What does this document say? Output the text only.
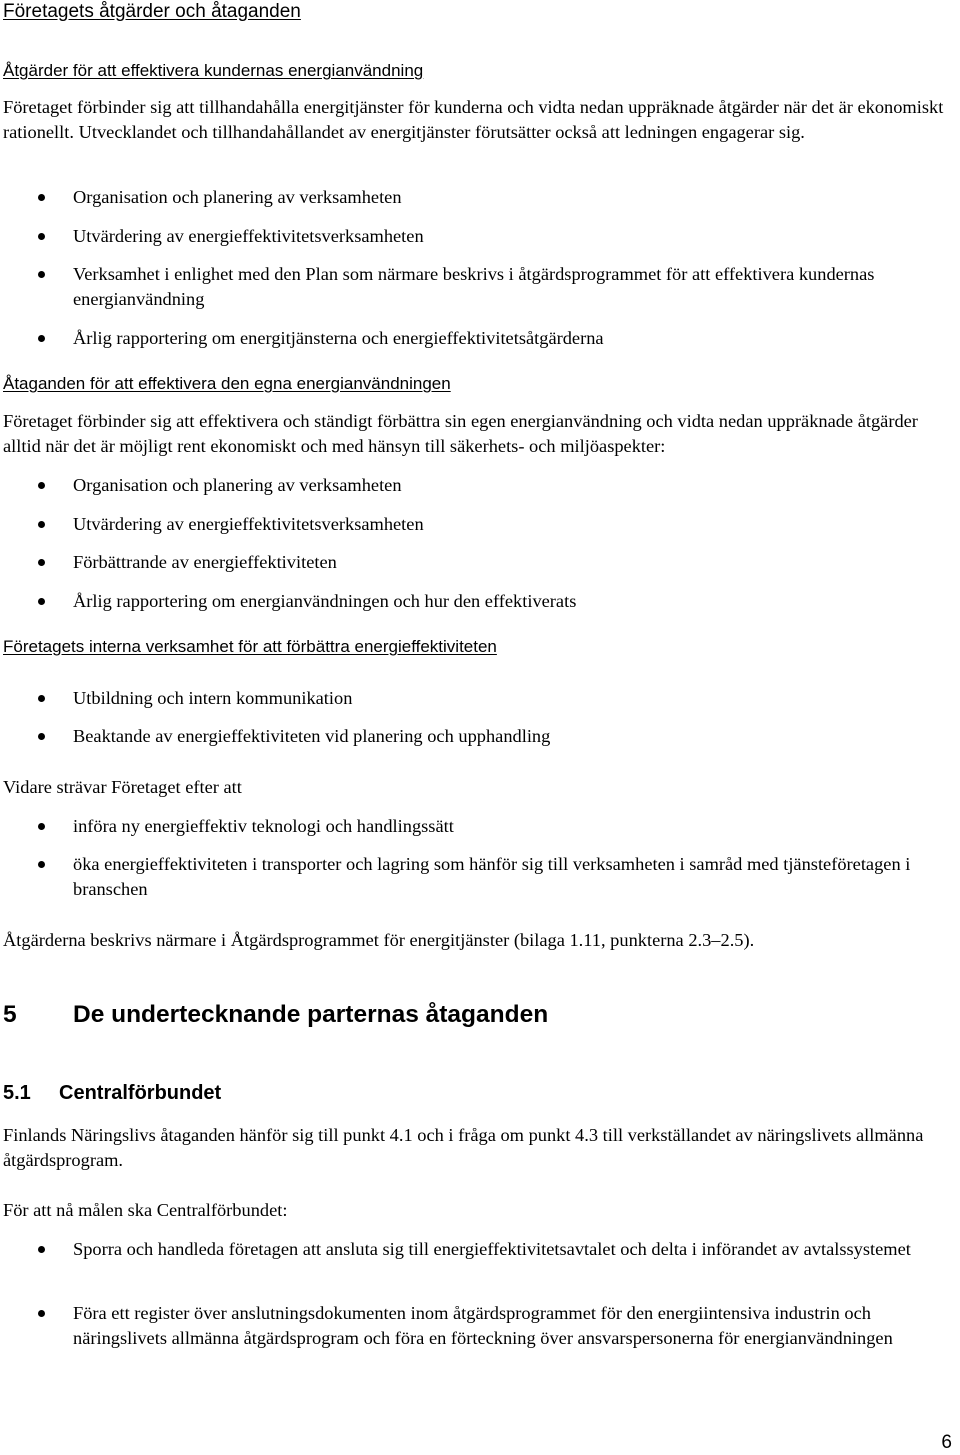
Företagets åtgärder och åtaganden
Åtgärder för att effektivera kundernas energianvändning
Företaget förbinder sig att tillhandahålla energitjänster för kunderna och vidta nedan uppräknade åtgärder när det är ekonomiskt rationellt. Utvecklandet och tillhandahållandet av energitjänster förutsätter också att ledningen engagerar sig.
Organisation och planering av verksamheten
Utvärdering av energieffektivitetsverksamheten
Verksamhet i enlighet med den Plan som närmare beskrivs i åtgärdsprogrammet för att effektivera kundernas energianvändning
Årlig rapportering om energitjänsterna och energieffektivitetsåtgärderna
Åtaganden för att effektivera den egna energianvändningen
Företaget förbinder sig att effektivera och ständigt förbättra sin egen energianvändning och vidta nedan uppräknade åtgärder alltid när det är möjligt rent ekonomiskt och med hänsyn till säkerhets- och miljöaspekter:
Organisation och planering av verksamheten
Utvärdering av energieffektivitetsverksamheten
Förbättrande av energieffektiviteten
Årlig rapportering om energianvändningen och hur den effektiverats
Företagets interna verksamhet för att förbättra energieffektiviteten
Utbildning och intern kommunikation
Beaktande av energieffektiviteten vid planering och upphandling
Vidare strävar Företaget efter att
införa ny energieffektiv teknologi och handlingssätt
öka energieffektiviteten i transporter och lagring som hänför sig till verksamheten i samråd med tjänsteföretagen i branschen
Åtgärderna beskrivs närmare i Åtgärdsprogrammet för energitjänster (bilaga 1.11, punkterna 2.3–2.5).
5 De undertecknande parternas åtaganden
5.1 Centralförbundet
Finlands Näringslivs åtaganden hänför sig till punkt 4.1 och i fråga om punkt 4.3 till verkställandet av näringslivets allmänna åtgärdsprogram.
För att nå målen ska Centralförbundet:
Sporra och handleda företagen att ansluta sig till energieffektivitetsavtalet och delta i införandet av avtalssystemet
Föra ett register över anslutningsdokumenten inom åtgärdsprogrammet för den energiintensiva industrin och näringslivets allmänna åtgärdsprogram och föra en förteckning över ansvarspersonerna för energianvändningen
6
